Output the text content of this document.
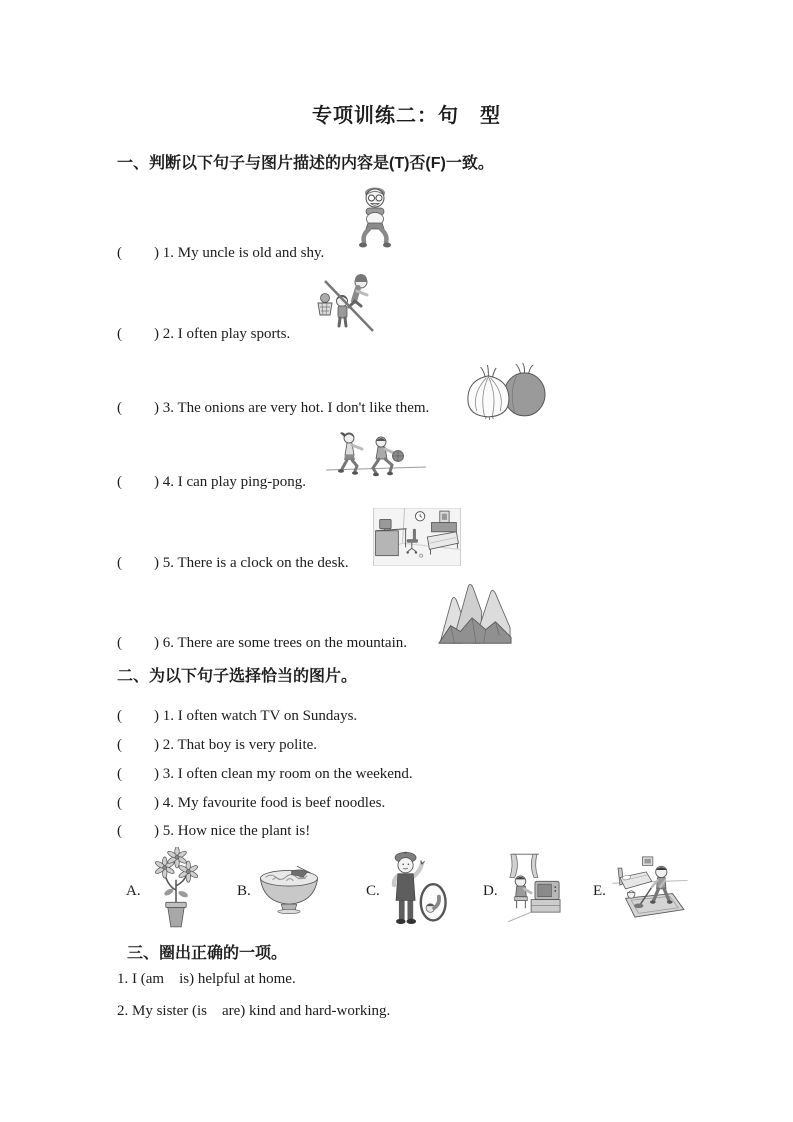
专项训练二：句　型
一、判断以下句子与图片描述的内容是(T)否(F)一致。
( ) 1. My uncle is old and shy.
( ) 2. I often play sports.
( ) 3. The onions are very hot. I don't like them.
( ) 4. I can play ping-pong.
( ) 5. There is a clock on the desk.
( ) 6. There are some trees on the mountain.
二、为以下句子选择恰当的图片。
( ) 1. I often watch TV on Sundays.
( ) 2. That boy is very polite.
( ) 3. I often clean my room on the weekend.
( ) 4. My favourite food is beef noodles.
( ) 5. How nice the plant is!
A.	B.	C.	D.	E.
三、圈出正确的一项。
1. I (am    is) helpful at home.
2. My sister (is    are) kind and hard-working.
